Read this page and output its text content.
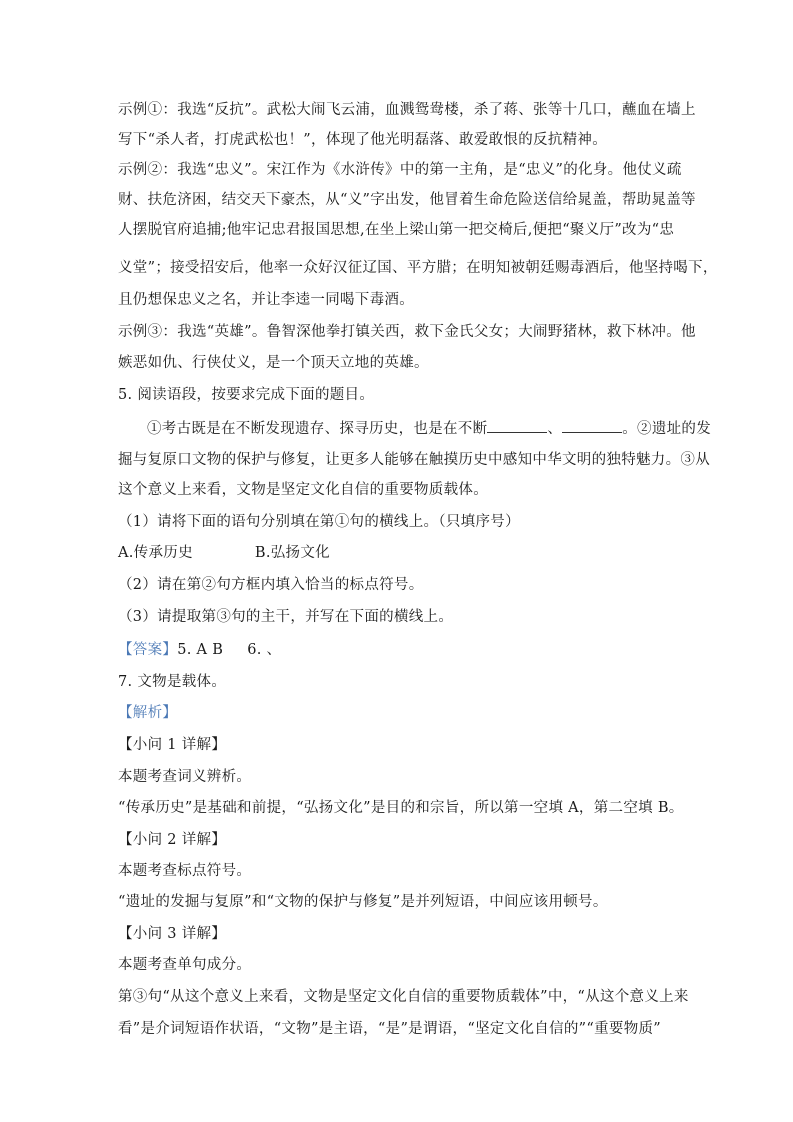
示例①：我选“反抗”。武松大闹飞云浦，血溅鸳鸯楼，杀了蒋、张等十几口，蘸血在墙上
写下“杀人者，打虎武松也！”，体现了他光明磊落、敢爱敢恨的反抗精神。
示例②：我选“忠义”。宋江作为《水浒传》中的第一主角，是“忠义”的化身。他仗义疏
财、扶危济困，结交天下豪杰，从“义”字出发，他冒着生命危险送信给晁盖，帮助晁盖等
人摆脱官府追捕;他牢记忠君报国思想,在坐上梁山第一把交椅后,便把“聚义厅”改为“忠
义堂”；接受招安后，他率一众好汉征辽国、平方腊；在明知被朝廷赐毒酒后，他坚持喝下，
且仍想保忠义之名，并让李逵一同喝下毒酒。
示例③：我选“英雄”。鲁智深他拳打镇关西，救下金氏父女；大闹野猪林，救下林冲。他
嫉恶如仇、行侠仗义，是一个顶天立地的英雄。
5. 阅读语段，按要求完成下面的题目。
①考古既是在不断发现遗存、探寻历史，也是在不断	、	。②遗址的发
掘与复原口文物的保护与修复，让更多人能够在触摸历史中感知中华文明的独特魅力。③从
这个意义上来看，文物是坚定文化自信的重要物质载体。
（1）请将下面的语句分别填在第①句的横线上。（只填序号）
A.传承历史	B.弘扬文化
（2）请在第②句方框内填入恰当的标点符号。
（3）请提取第③句的主干，并写在下面的横线上。
【答案】5. A B 6. 、
7. 文物是载体。
【解析】
【小问 1 详解】
本题考查词义辨析。
“传承历史”是基础和前提，“弘扬文化”是目的和宗旨，所以第一空填 A，第二空填 B。
【小问 2 详解】
本题考查标点符号。
“遗址的发掘与复原”和“文物的保护与修复”是并列短语，中间应该用顿号。
【小问 3 详解】
本题考查单句成分。
第③句“从这个意义上来看，文物是坚定文化自信的重要物质载体”中，“从这个意义上来
看”是介词短语作状语，“文物”是主语，“是”是谓语，“坚定文化自信的”“重要物质”
